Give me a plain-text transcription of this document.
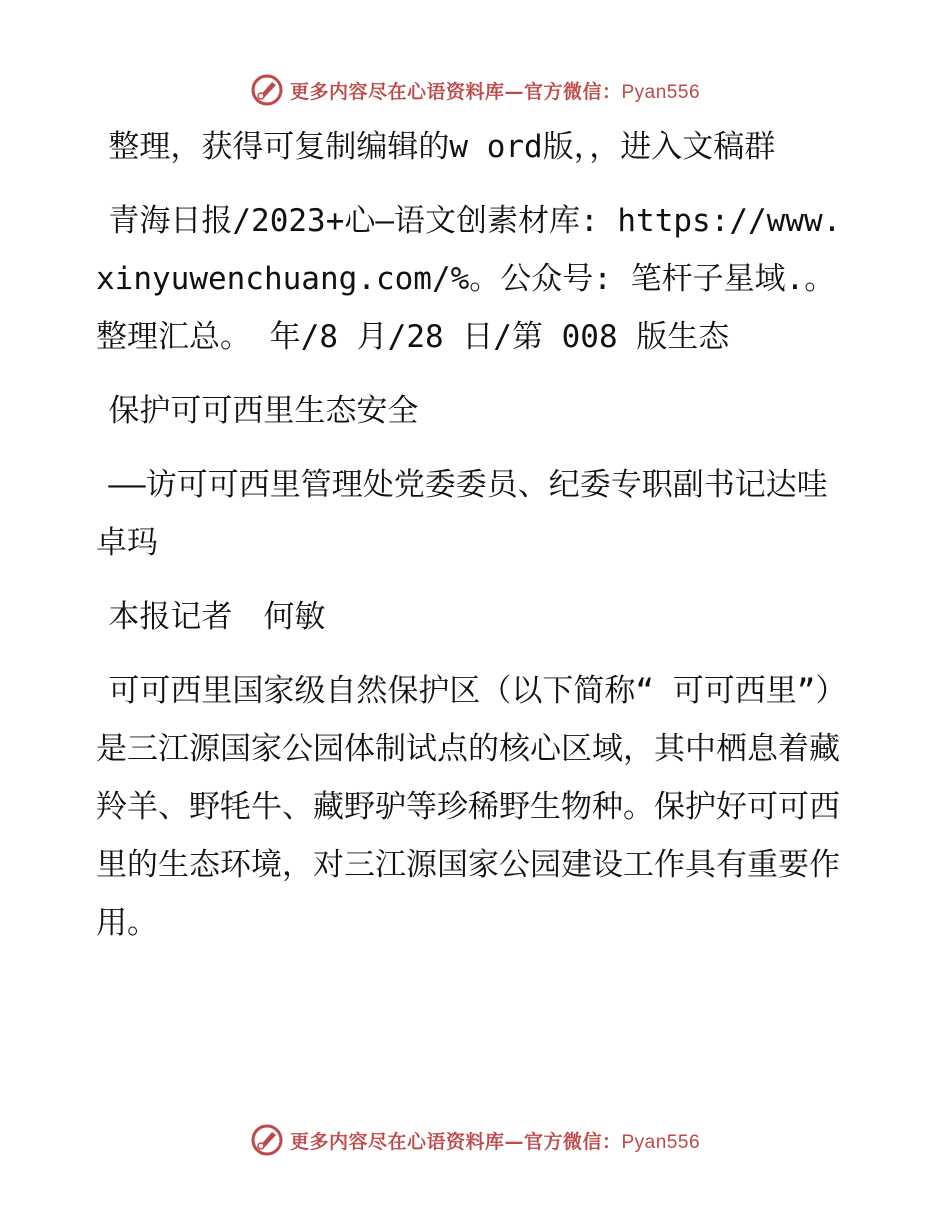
更多内容尽在心语资料库—官方微信：Pyan556

整理，获得可复制编辑的w ord版，，进入文稿群

青海日报/2023+心—语文创素材库: https://www.xinyuwenchuang.com/%。公众号: 笔杆子星域.。整理汇总。 年/8 月/28 日/第 008 版生态

保护可可西里生态安全

——访可可西里管理处党委委员、纪委专职副书记达哇卓玛

本报记者　何敏

可可西里国家级自然保护区（以下简称“ 可可西里”）是三江源国家公园体制试点的核心区域，其中栖息着藏羚羊、野牦牛、藏野驴等珍稀野生物种。保护好可可西里的生态环境，对三江源国家公园建设工作具有重要作用。

更多内容尽在心语资料库—官方微信：Pyan556
